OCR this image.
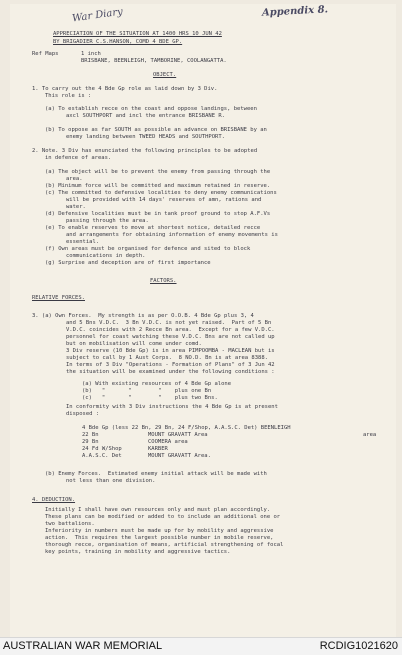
War Diary	Appendix 8.
APPRECIATION OF THE SITUATION AT 1400 HRS 10 JUN 42
BY BRIGADIER C.S.HANSON, COMD 4 BDE GP.
Ref Maps	1 inch
BRISBANE, BEENLEIGH, TAMBORINE, COOLANGATTA.
OBJECT.
1. To carry out the 4 Bde Gp role as laid down by 3 Div.
This role is :
(a) To establish recce on the coast and oppose landings, between
axcl SOUTHPORT and incl the entrance BRISBANE R.
(b) To oppose as far SOUTH as possible an advance on BRISBANE by an
enemy landing between TWEED HEADS and SOUTHPORT.
2. Note. 3 Div has enunciated the following principles to be adopted
in defence of areas.
(a) The object will be to prevent the enemy from passing through the
area.
(b) Minimum force will be committed and maximum retained in reserve.
(c) The committed to defensive localities to deny enemy communications
will be provided with 14 days' reserves of amn, rations and
water.
(d) Defensive localities must be in tank proof ground to stop A.F.Vs
passing through the area.
(e) To enable reserves to move at shortest notice, detailed recce
and arrangements for obtaining information of enemy movements is
essential.
(f) Own areas must be organised for defence and sited to block
communications in depth.
(g) Surprise and deception are of first importance
FACTORS.
RELATIVE FORCES.
3. (a) Own Forces.  My strength is as per O.O.B. 4 Bde Gp plus 3, 4
and 5 Bns V.D.C.  3 Bn V.D.C. is not yet raised.  Part of 5 Bn
V.D.C. coincides with 2 Recce Bn area.  Except for a few V.D.C.
personnel for coast watching these V.D.C. Bns are not called up
but on mobilisation will come under comd.
3 Div reserve (10 Bde Gp) is in area PIMPOOMBA - MACLEAN but is
subject to call by 1 Aust Corps.  8 NO.D. Bn is at area 8388.
In terms of 3 Div "Operations - Formation of Plans" of 3 Jun 42
the situation will be examined under the following conditions :
(a) With existing resources of 4 Bde Gp alone
(b)   "       "        "    plus one Bn
(c)   "       "        "    plus two Bns.
In conformity with 3 Div instructions the 4 Bde Gp is at present
disposed :
4 Bde Gp (less 22 Bn, 29 Bn, 24 F/Shop, A.A.S.C. Det) BEENLEIGH
area
22 Bn	MOUNT GRAVATT Area
29 Bn	COOMERA area
24 Fd W/Shop	KARBER
A.A.S.C. Det	MOUNT GRAVATT Area.
(b) Enemy Forces.  Estimated enemy initial attack will be made with
not less than one division.
4. DEDUCTION.
Initially I shall have own resources only and must plan accordingly.
These plans can be modified or added to to include an additional one or
two battalions.
Inferiority in numbers must be made up for by mobility and aggressive
action.  This requires the largest possible number in mobile reserve,
thorough recce, organisation of means, artificial strengthening of focal
key points, training in mobility and aggressive tactics.
AUSTRALIAN WAR MEMORIAL	RCDIG1021620
